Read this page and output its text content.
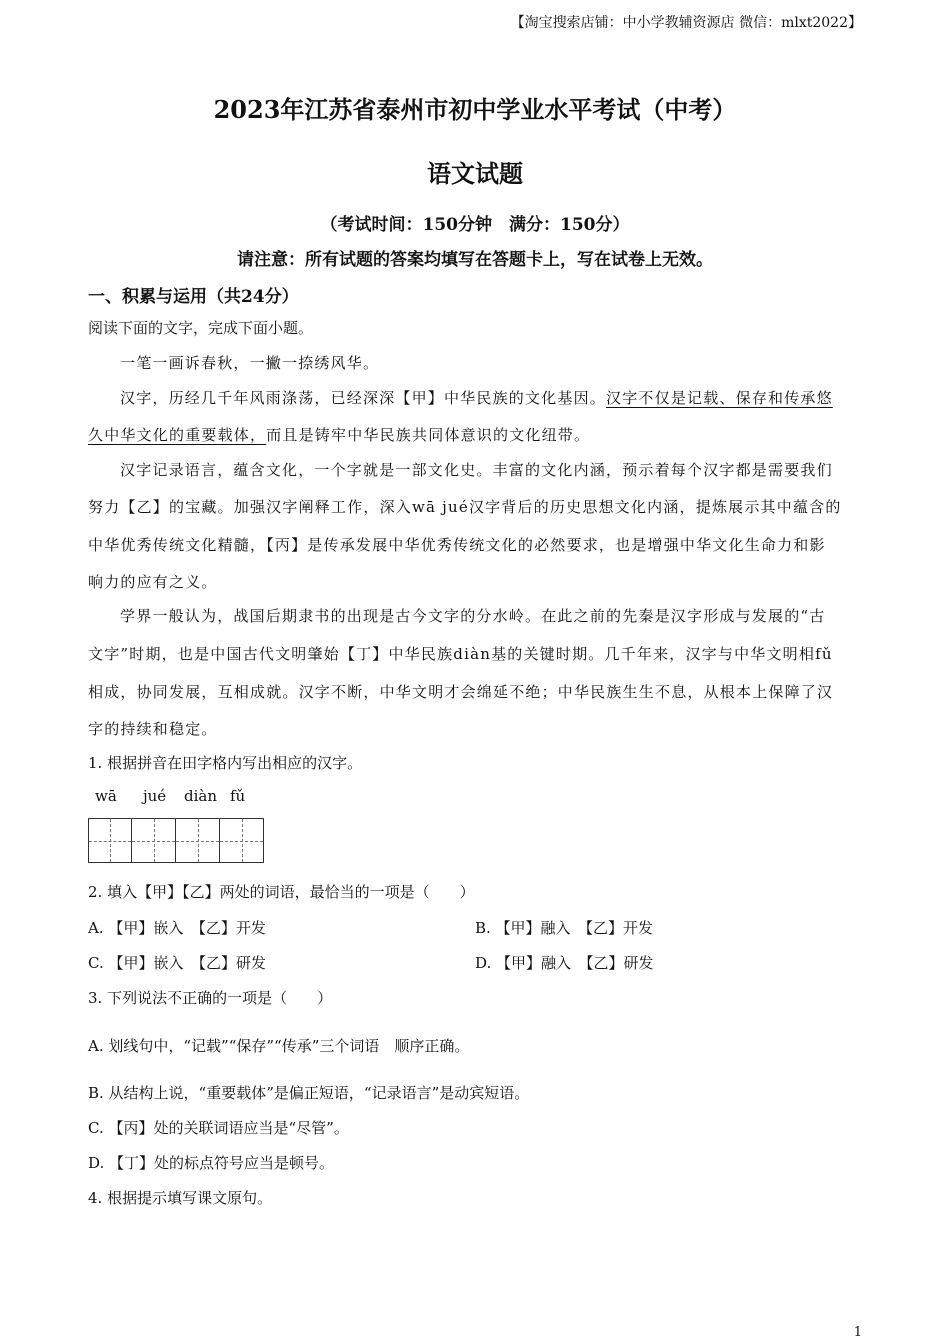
【淘宝搜索店铺：中小学教辅资源店 微信：mlxt2022】
2023年江苏省泰州市初中学业水平考试（中考）
语文试题
（考试时间：150分钟　满分：150分）
请注意：所有试题的答案均填写在答题卡上，写在试卷上无效。
一、积累与运用（共24分）
阅读下面的文字，完成下面小题。
一笔一画诉春秋，一撇一捺绣风华。
汉字，历经几千年风雨涤荡，已经深深【甲】中华民族的文化基因。汉字不仅是记载、保存和传承悠
久中华文化的重要载体，而且是铸牢中华民族共同体意识的文化纽带。
汉字记录语言，蕴含文化，一个字就是一部文化史。丰富的文化内涵，预示着每个汉字都是需要我们
努力【乙】的宝藏。加强汉字阐释工作，深入wā jué汉字背后的历史思想文化内涵，提炼展示其中蕴含的
中华优秀传统文化精髓，【丙】是传承发展中华优秀传统文化的必然要求，也是增强中华文化生命力和影
响力的应有之义。
学界一般认为，战国后期隶书的出现是古今文字的分水岭。在此之前的先秦是汉字形成与发展的“古
文字”时期，也是中国古代文明肇始【丁】中华民族diàn基的关键时期。几千年来，汉字与中华文明相fǔ
相成，协同发展，互相成就。汉字不断，中华文明才会绵延不绝；中华民族生生不息，从根本上保障了汉
字的持续和稳定。
1. 根据拼音在田字格内写出相应的汉字。
wā jué diàn fǔ
2. 填入【甲】【乙】两处的词语，最恰当的一项是（　　）
A. 【甲】嵌入　【乙】开发	B. 【甲】融入　【乙】开发
C. 【甲】嵌入　【乙】研发	D. 【甲】融入　【乙】研发
3. 下列说法不正确的一项是（　　）
A. 划线句中，“记载”“保存”“传承”三个词语　顺序正确。
B. 从结构上说，“重要载体”是偏正短语，“记录语言”是动宾短语。
C. 【丙】处的关联词语应当是“尽管”。
D. 【丁】处的标点符号应当是顿号。
4. 根据提示填写课文原句。
1
